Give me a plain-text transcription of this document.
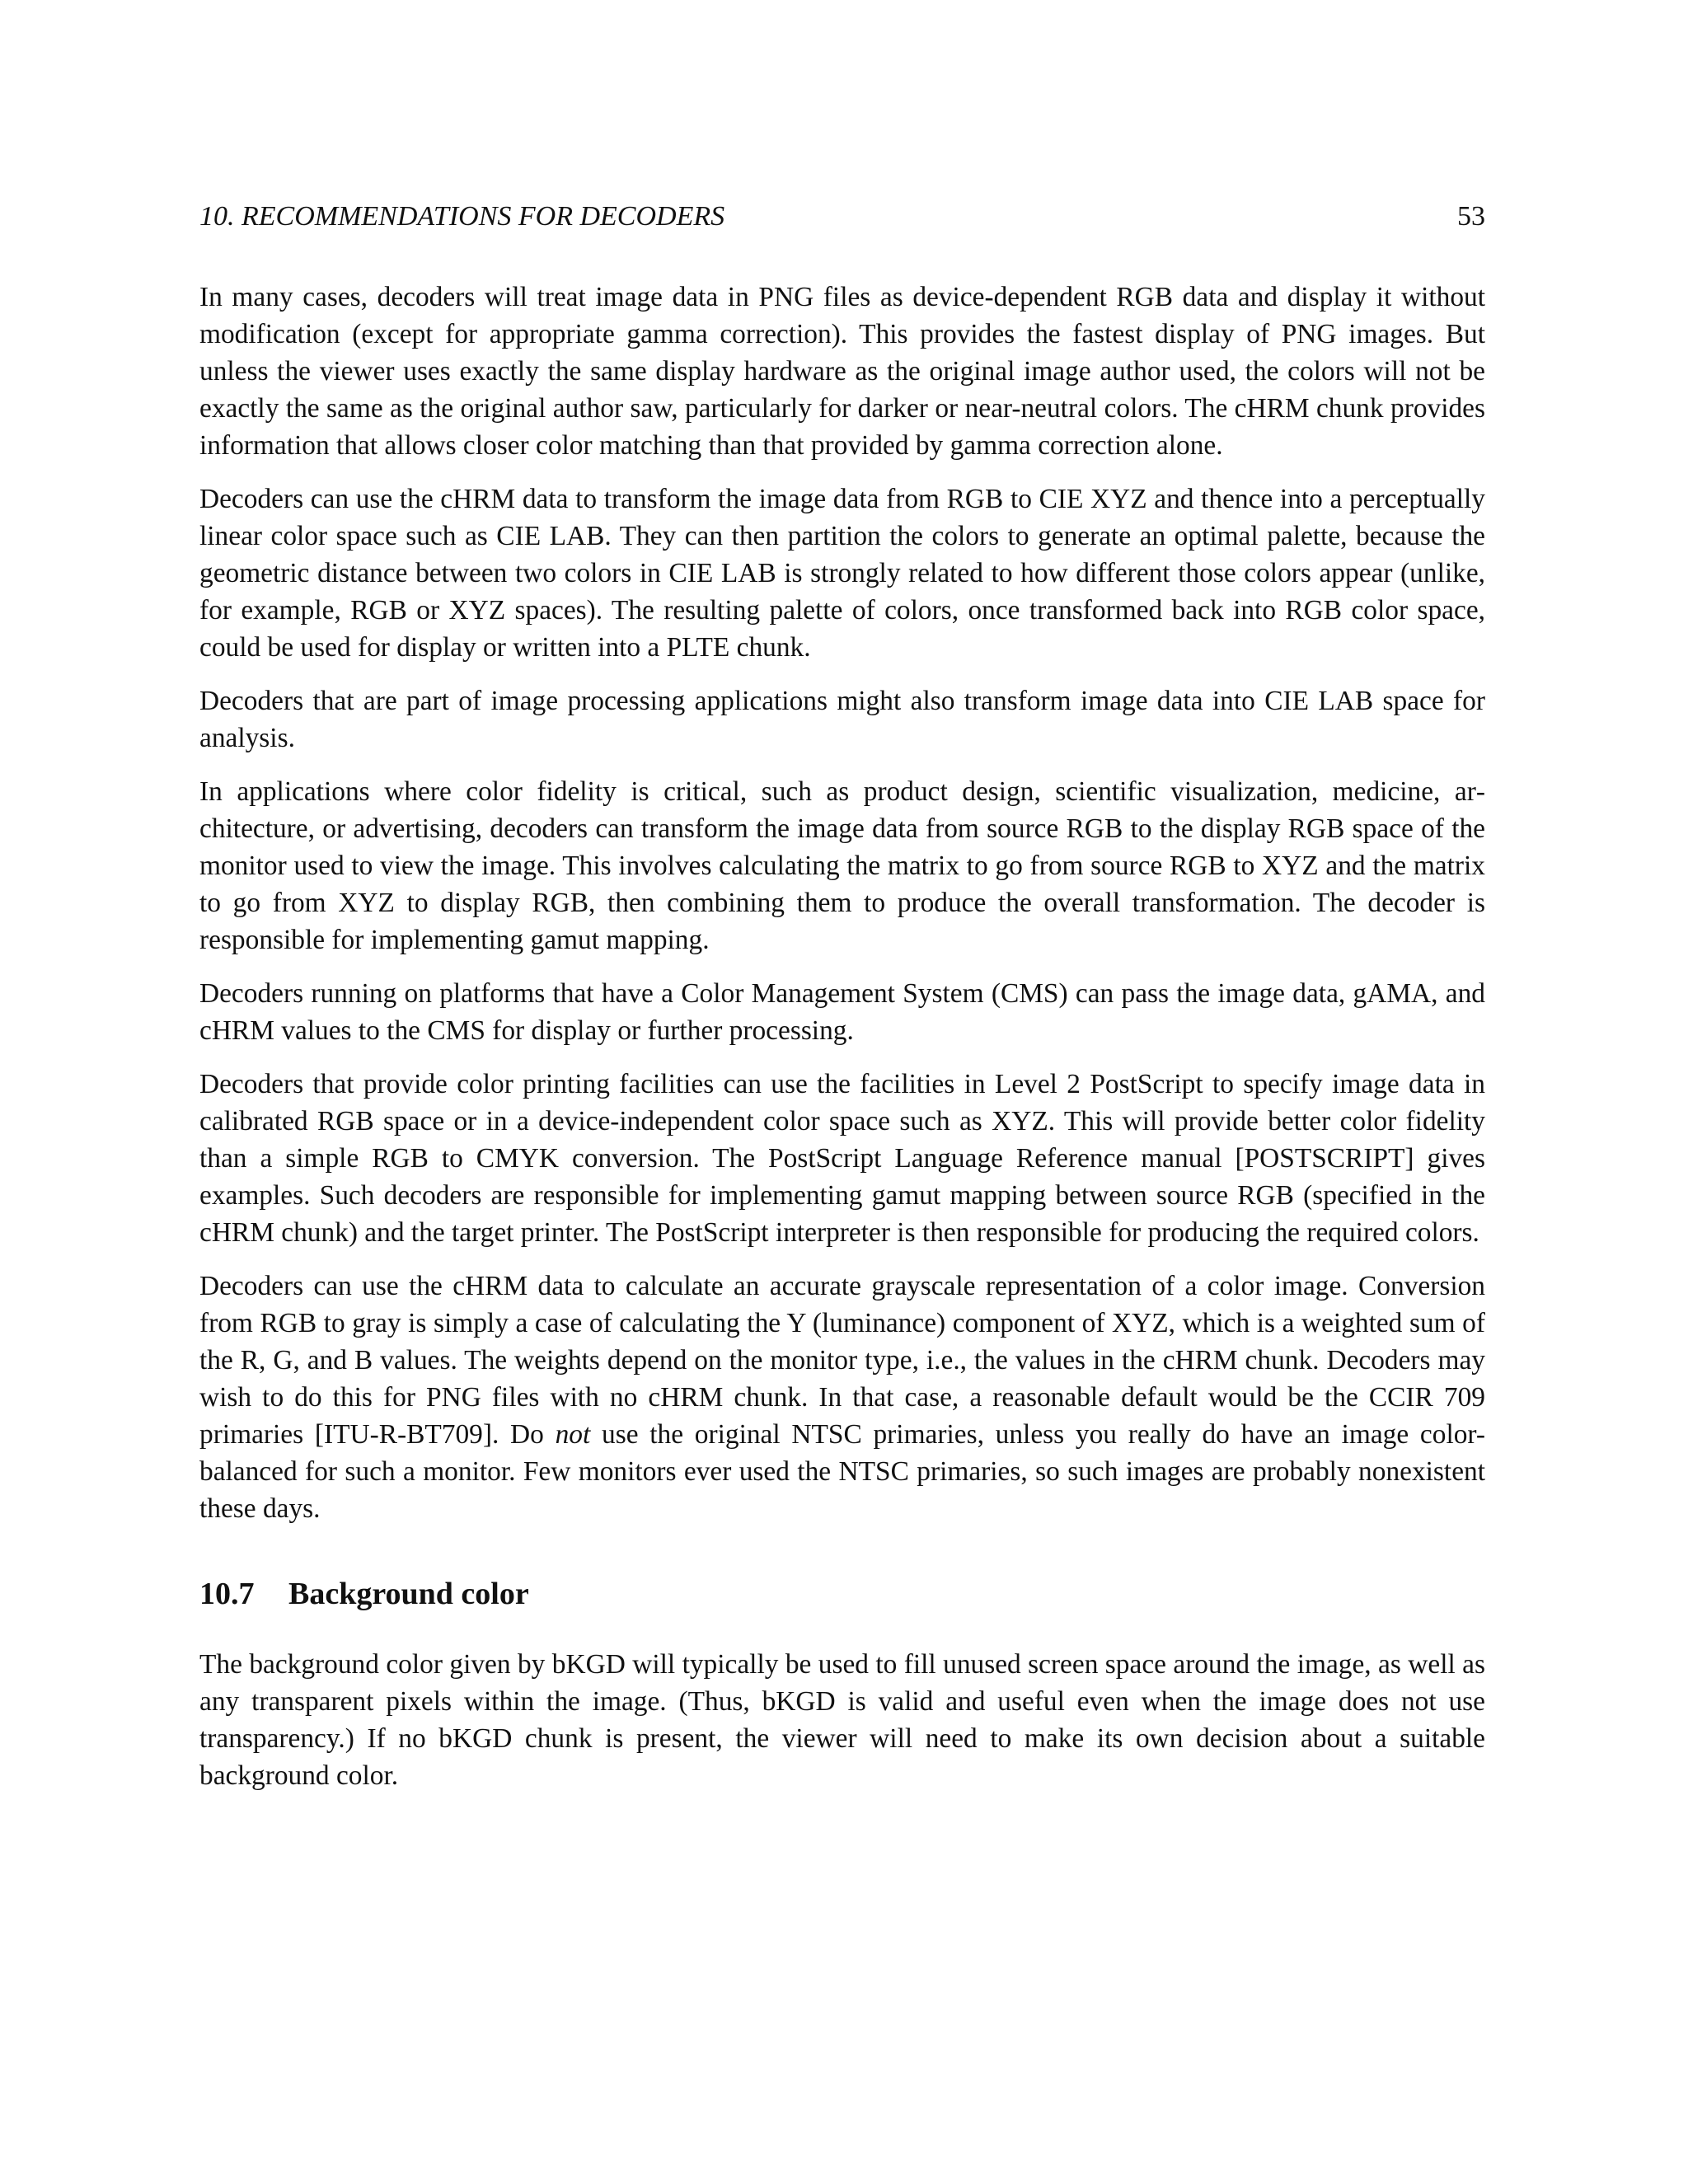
10. RECOMMENDATIONS FOR DECODERS	53

In many cases, decoders will treat image data in PNG files as device-dependent RGB data and display it without modification (except for appropriate gamma correction). This provides the fastest display of PNG images. But unless the viewer uses exactly the same display hardware as the original image author used, the colors will not be exactly the same as the original author saw, particularly for darker or near-neutral colors. The cHRM chunk provides information that allows closer color matching than that provided by gamma correction alone.

Decoders can use the cHRM data to transform the image data from RGB to CIE XYZ and thence into a perceptually linear color space such as CIE LAB. They can then partition the colors to generate an optimal palette, because the geometric distance between two colors in CIE LAB is strongly related to how different those colors appear (unlike, for example, RGB or XYZ spaces). The resulting palette of colors, once transformed back into RGB color space, could be used for display or written into a PLTE chunk.

Decoders that are part of image processing applications might also transform image data into CIE LAB space for analysis.

In applications where color fidelity is critical, such as product design, scientific visualization, medicine, architecture, or advertising, decoders can transform the image data from source RGB to the display RGB space of the monitor used to view the image. This involves calculating the matrix to go from source RGB to XYZ and the matrix to go from XYZ to display RGB, then combining them to produce the overall transformation. The decoder is responsible for implementing gamut mapping.

Decoders running on platforms that have a Color Management System (CMS) can pass the image data, gAMA, and cHRM values to the CMS for display or further processing.

Decoders that provide color printing facilities can use the facilities in Level 2 PostScript to specify image data in calibrated RGB space or in a device-independent color space such as XYZ. This will provide better color fidelity than a simple RGB to CMYK conversion. The PostScript Language Reference manual [POSTSCRIPT] gives examples. Such decoders are responsible for implementing gamut mapping between source RGB (specified in the cHRM chunk) and the target printer. The PostScript interpreter is then responsible for producing the required colors.

Decoders can use the cHRM data to calculate an accurate grayscale representation of a color image. Conversion from RGB to gray is simply a case of calculating the Y (luminance) component of XYZ, which is a weighted sum of the R, G, and B values. The weights depend on the monitor type, i.e., the values in the cHRM chunk. Decoders may wish to do this for PNG files with no cHRM chunk. In that case, a reasonable default would be the CCIR 709 primaries [ITU-R-BT709]. Do not use the original NTSC primaries, unless you really do have an image color-balanced for such a monitor. Few monitors ever used the NTSC primaries, so such images are probably nonexistent these days.

10.7	Background color

The background color given by bKGD will typically be used to fill unused screen space around the image, as well as any transparent pixels within the image. (Thus, bKGD is valid and useful even when the image does not use transparency.) If no bKGD chunk is present, the viewer will need to make its own decision about a suitable background color.
